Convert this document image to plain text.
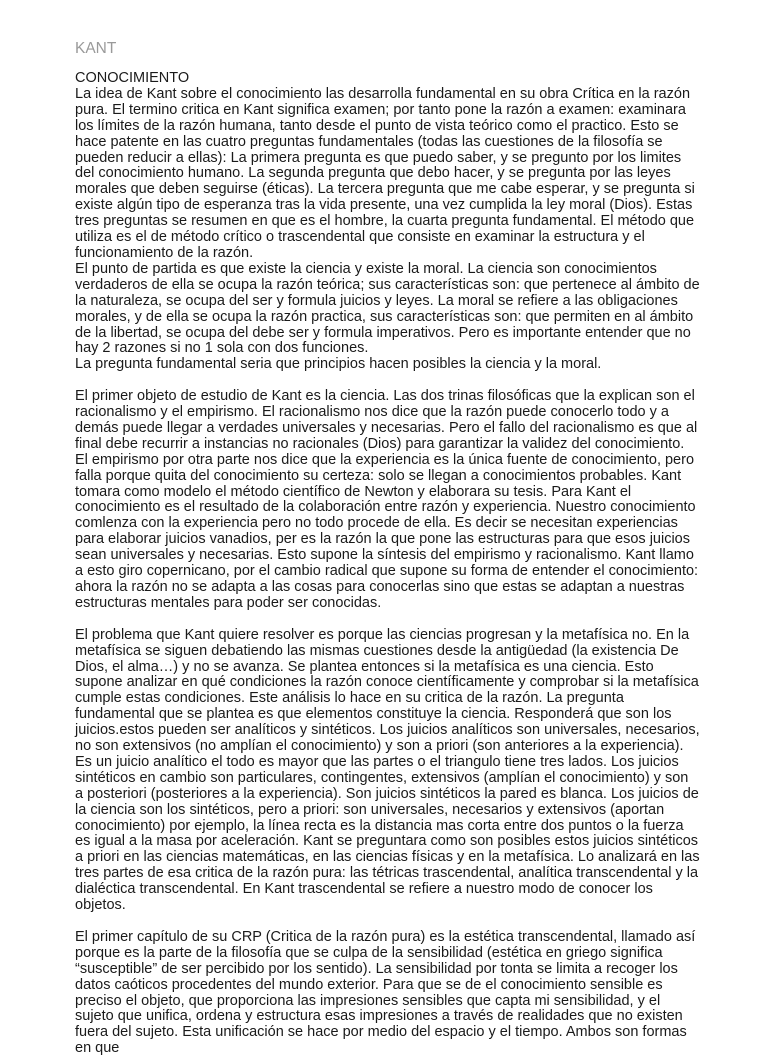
KANT

CONOCIMIENTO

La idea de Kant sobre el conocimiento las desarrolla fundamental en su obra Crítica en la razón pura. El termino critica en Kant significa examen; por tanto pone la razón a examen: examinara los límites de la razón humana, tanto desde el punto de vista teórico como el practico. Esto se hace patente en las cuatro preguntas fundamentales (todas las cuestiones de la filosofía se pueden reducir a ellas): La primera pregunta es que puedo saber, y se pregunto por los limites del conocimiento humano. La segunda pregunta que debo hacer, y se pregunta por las leyes morales que deben seguirse (éticas). La tercera pregunta que me cabe esperar, y se pregunta si existe algún tipo de esperanza tras la vida presente, una vez cumplida la ley moral (Dios). Estas tres preguntas se resumen en que es el hombre, la cuarta pregunta fundamental. El método que utiliza es el de método crítico o trascendental que consiste en examinar la estructura y el funcionamiento de la razón.

El punto de partida es que existe la ciencia y existe la moral. La ciencia son conocimientos verdaderos de ella se ocupa la razón teórica; sus características son: que pertenece al ámbito de la naturaleza, se ocupa del ser y formula juicios y leyes. La moral se refiere a las obligaciones morales, y de ella se ocupa la razón practica, sus características son: que permiten en al ámbito de la libertad, se ocupa del debe ser y formula imperativos. Pero es importante entender que no hay 2 razones si no 1 sola con dos funciones.

La pregunta fundamental seria que principios hacen posibles la ciencia y la moral.

El primer objeto de estudio de Kant es la ciencia. Las dos trinas filosóficas que la explican son el racionalismo y el empirismo. El racionalismo nos dice que la razón puede conocerlo todo y a demás puede llegar a verdades universales y necesarias. Pero el fallo del racionalismo es que al final debe recurrir a instancias no racionales (Dios) para garantizar la validez del conocimiento. El empirismo por otra parte nos dice que la experiencia es la única fuente de conocimiento, pero falla porque quita del conocimiento su certeza: solo se llegan a conocimientos probables. Kant tomara como modelo el método científico de Newton y elaborara su tesis. Para Kant el conocimiento es el resultado de la colaboración entre razón y experiencia. Nuestro conocimiento comlenza con la experiencia pero no todo procede de ella. Es decir se necesitan experiencias para elaborar juicios vanadios, per es la razón la que pone las estructuras para que esos juicios sean universales y necesarias. Esto supone la síntesis del empirismo y racionalismo. Kant llamo a esto giro copernicano, por el cambio radical que supone su forma de entender el conocimiento: ahora la razón no se adapta a las cosas para conocerlas sino que estas se adaptan a nuestras estructuras mentales para poder ser conocidas.

El problema que Kant quiere resolver es porque las ciencias progresan y la metafísica no. En la metafísica se siguen debatiendo las mismas cuestiones desde la antigüedad (la existencia De Dios, el alma…) y no se avanza. Se plantea entonces si la metafísica es una ciencia. Esto supone analizar en qué condiciones la razón conoce científicamente y comprobar si la metafísica cumple estas condiciones. Este análisis lo hace en su critica de la razón. La pregunta fundamental que se plantea es que elementos constituye la ciencia. Responderá que son los juicios.estos pueden ser analíticos y sintéticos. Los juicios analíticos son universales, necesarios, no son extensivos (no amplían el conocimiento) y son a priori (son anteriores a la experiencia). Es un juicio analítico el todo es mayor que las partes o el triangulo tiene tres lados. Los juicios sintéticos en cambio son particulares, contingentes, extensivos (amplían el conocimiento) y son a posteriori (posteriores a la experiencia). Son juicios sintéticos la pared es blanca. Los juicios de la ciencia son los sintéticos, pero a priori: son universales, necesarios y extensivos (aportan conocimiento) por ejemplo, la línea recta es la distancia mas corta entre dos puntos o la fuerza es igual a la masa por aceleración. Kant se preguntara como son posibles estos juicios sintéticos a priori en las ciencias matemáticas, en las ciencias físicas y en la metafísica. Lo analizará en las tres partes de esa critica de la razón pura: las tétricas trascendental, analítica transcendental y la dialéctica transcendental. En Kant trascendental se refiere a nuestro modo de conocer los objetos.

El primer capítulo de su CRP (Critica de la razón pura) es la estética transcendental, llamado así porque es la parte de la filosofía que se culpa de la sensibilidad (estética en griego significa “susceptible” de ser percibido por los sentido). La sensibilidad por tonta se limita a recoger los datos caóticos procedentes del mundo exterior. Para que se de el conocimiento sensible es preciso el objeto, que proporciona las impresiones sensibles que capta mi sensibilidad, y el sujeto que unifica, ordena y estructura esas impresiones a través de realidades que no existen fuera del sujeto. Esta unificación se hace por medio del espacio y el tiempo. Ambos son formas en que
